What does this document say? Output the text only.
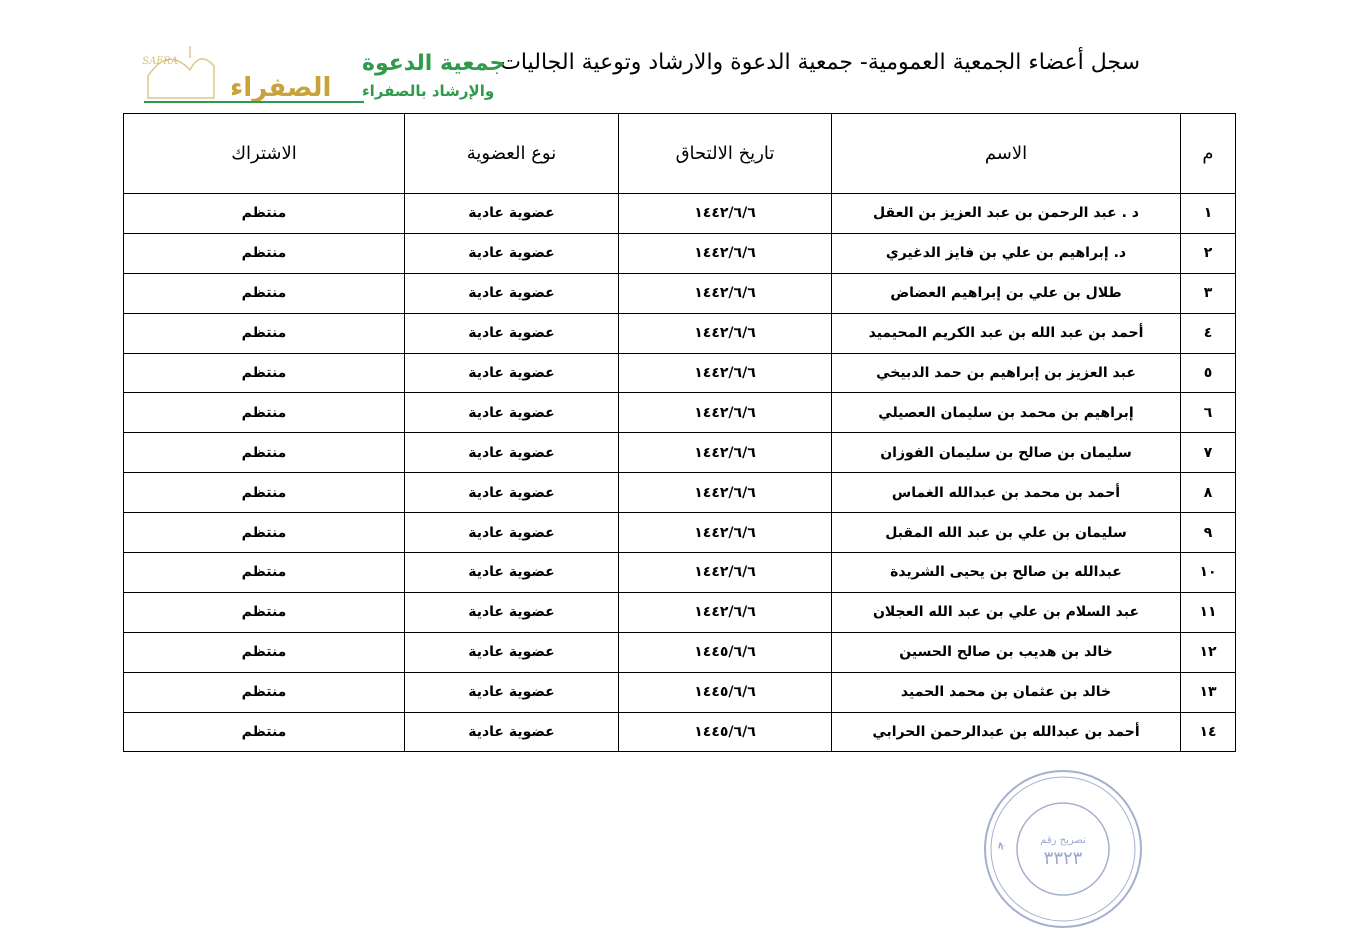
سجل أعضاء الجمعية العمومية- جمعية الدعوة والارشاد وتوعية الجاليات
SAFRA	جمعية الدعوة
الصفراء والإرشاد بالصفراء
م	الاسم	تاريخ الالتحاق	نوع العضوية	الاشتراك
١	د . عبد الرحمن بن عبد العزيز بن العقل	١٤٤٢/٦/٦	عضوية عادية	منتظم
٢	د. إبراهيم بن علي بن فايز الدغيري	١٤٤٢/٦/٦	عضوية عادية	منتظم
٣	طلال بن علي بن إبراهيم العضاض	١٤٤٢/٦/٦	عضوية عادية	منتظم
٤	أحمد بن عبد الله بن عبد الكريم المحيميد	١٤٤٢/٦/٦	عضوية عادية	منتظم
٥	عبد العزيز بن إبراهيم بن حمد الدبيخي	١٤٤٢/٦/٦	عضوية عادية	منتظم
٦	إبراهيم بن محمد بن سليمان العصيلي	١٤٤٢/٦/٦	عضوية عادية	منتظم
٧	سليمان بن صالح بن سليمان الفوزان	١٤٤٢/٦/٦	عضوية عادية	منتظم
٨	أحمد بن محمد بن عبدالله الغماس	١٤٤٢/٦/٦	عضوية عادية	منتظم
٩	سليمان بن علي بن عبد الله المقبل	١٤٤٢/٦/٦	عضوية عادية	منتظم
١٠	عبدالله بن صالح بن يحيى الشريدة	١٤٤٢/٦/٦	عضوية عادية	منتظم
١١	عبد السلام بن علي بن عبد الله العجلان	١٤٤٢/٦/٦	عضوية عادية	منتظم
١٢	خالد بن هديب بن صالح الحسين	١٤٤٥/٦/٦	عضوية عادية	منتظم
١٣	خالد بن عثمان بن محمد الحميد	١٤٤٥/٦/٦	عضوية عادية	منتظم
١٤	أحمد بن عبدالله بن عبدالرحمن الحرابي	١٤٤٥/٦/٦	عضوية عادية	منتظم
ج	تصريح رقم
٣٣٢٣
